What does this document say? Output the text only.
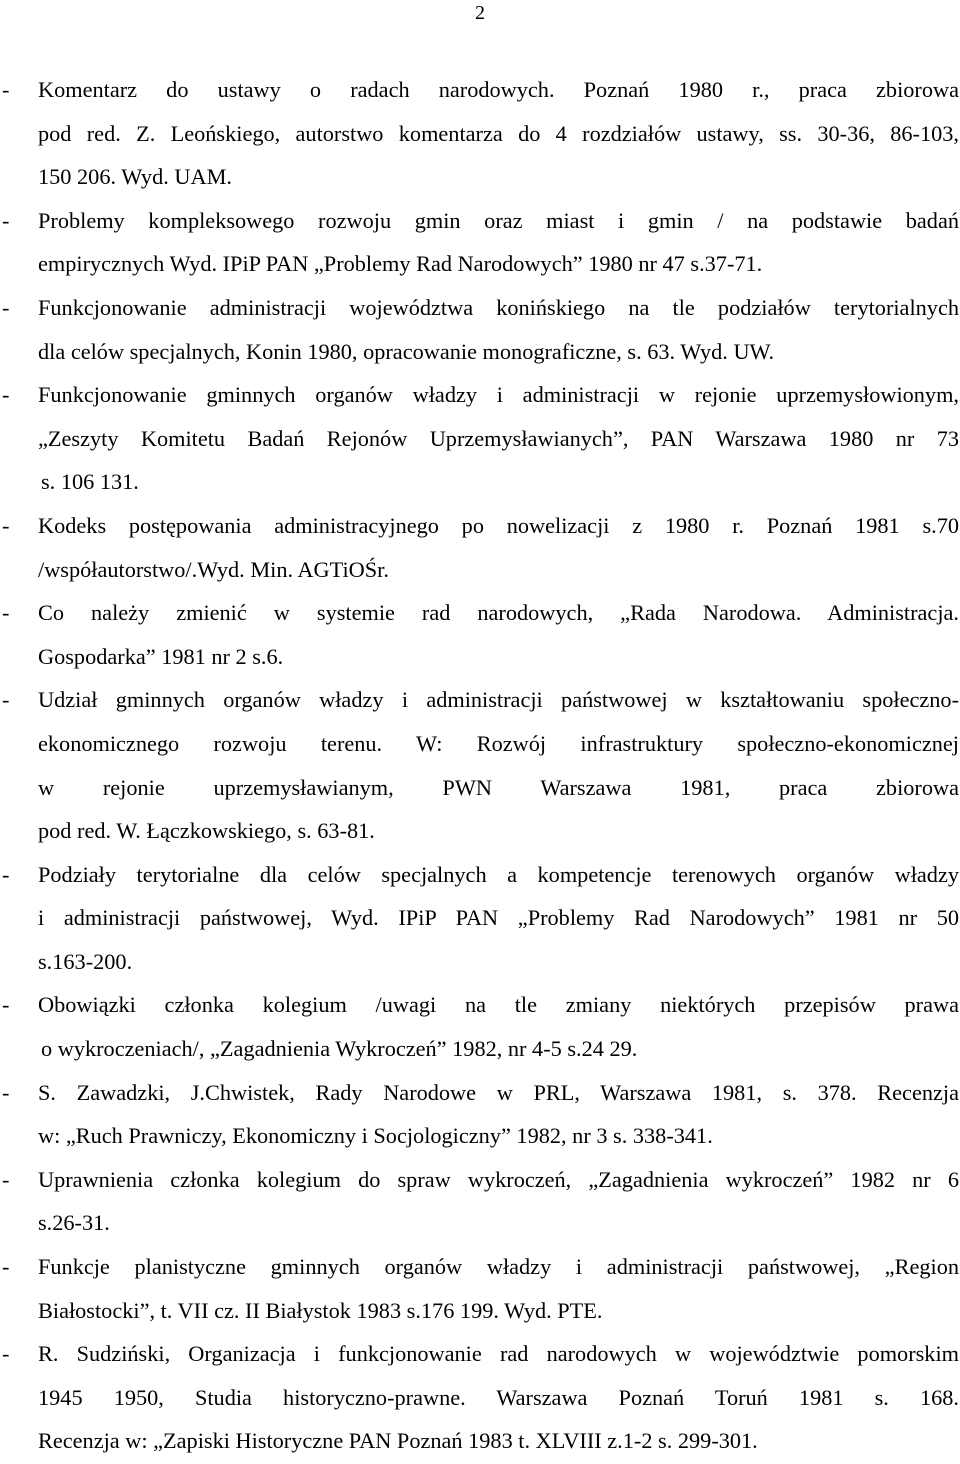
2
- Komentarz do ustawy o radach narodowych. Poznań 1980 r., praca zbiorowa
pod red. Z. Leońskiego, autorstwo komentarza do 4 rozdziałów ustawy, ss. 30-36, 86-103,
150 206. Wyd. UAM.
- Problemy kompleksowego rozwoju gmin oraz miast i gmin / na podstawie badań
empirycznych Wyd. IPiP PAN „Problemy Rad Narodowych” 1980 nr 47 s.37-71.
- Funkcjonowanie administracji województwa konińskiego na tle podziałów terytorialnych
dla celów specjalnych, Konin 1980, opracowanie monograficzne, s. 63. Wyd. UW.
- Funkcjonowanie gminnych organów władzy i administracji w rejonie uprzemysłowionym,
„Zeszyty Komitetu Badań Rejonów Uprzemysławianych”, PAN Warszawa 1980 nr 73
s. 106 131.
- Kodeks postępowania administracyjnego po nowelizacji z 1980 r. Poznań 1981 s.70
/współautorstwo/.Wyd. Min. AGTiOŚr.
- Co należy zmienić w systemie rad narodowych, „Rada Narodowa. Administracja.
Gospodarka” 1981 nr 2 s.6.
- Udział gminnych organów władzy i administracji państwowej w kształtowaniu społeczno-
ekonomicznego rozwoju terenu. W: Rozwój infrastruktury społeczno-ekonomicznej
w rejonie uprzemysławianym, PWN Warszawa 1981, praca zbiorowa
pod red. W. Łączkowskiego, s. 63-81.
- Podziały terytorialne dla celów specjalnych a kompetencje terenowych organów władzy
i administracji państwowej, Wyd. IPiP PAN „Problemy Rad Narodowych” 1981 nr 50
s.163-200.
- Obowiązki członka kolegium /uwagi na tle zmiany niektórych przepisów prawa
o wykroczeniach/, „Zagadnienia Wykroczeń” 1982, nr 4-5 s.24 29.
- S. Zawadzki, J.Chwistek, Rady Narodowe w PRL, Warszawa 1981, s. 378. Recenzja
w: „Ruch Prawniczy, Ekonomiczny i Socjologiczny” 1982, nr 3 s. 338-341.
- Uprawnienia członka kolegium do spraw wykroczeń, „Zagadnienia wykroczeń” 1982 nr 6
s.26-31.
- Funkcje planistyczne gminnych organów władzy i administracji państwowej, „Region
Białostocki”, t. VII cz. II Białystok 1983 s.176 199. Wyd. PTE.
- R. Sudziński, Organizacja i funkcjonowanie rad narodowych w województwie pomorskim
1945 1950, Studia historyczno-prawne. Warszawa Poznań Toruń 1981 s. 168.
Recenzja w: „Zapiski Historyczne PAN Poznań 1983 t. XLVIII z.1-2 s. 299-301.
